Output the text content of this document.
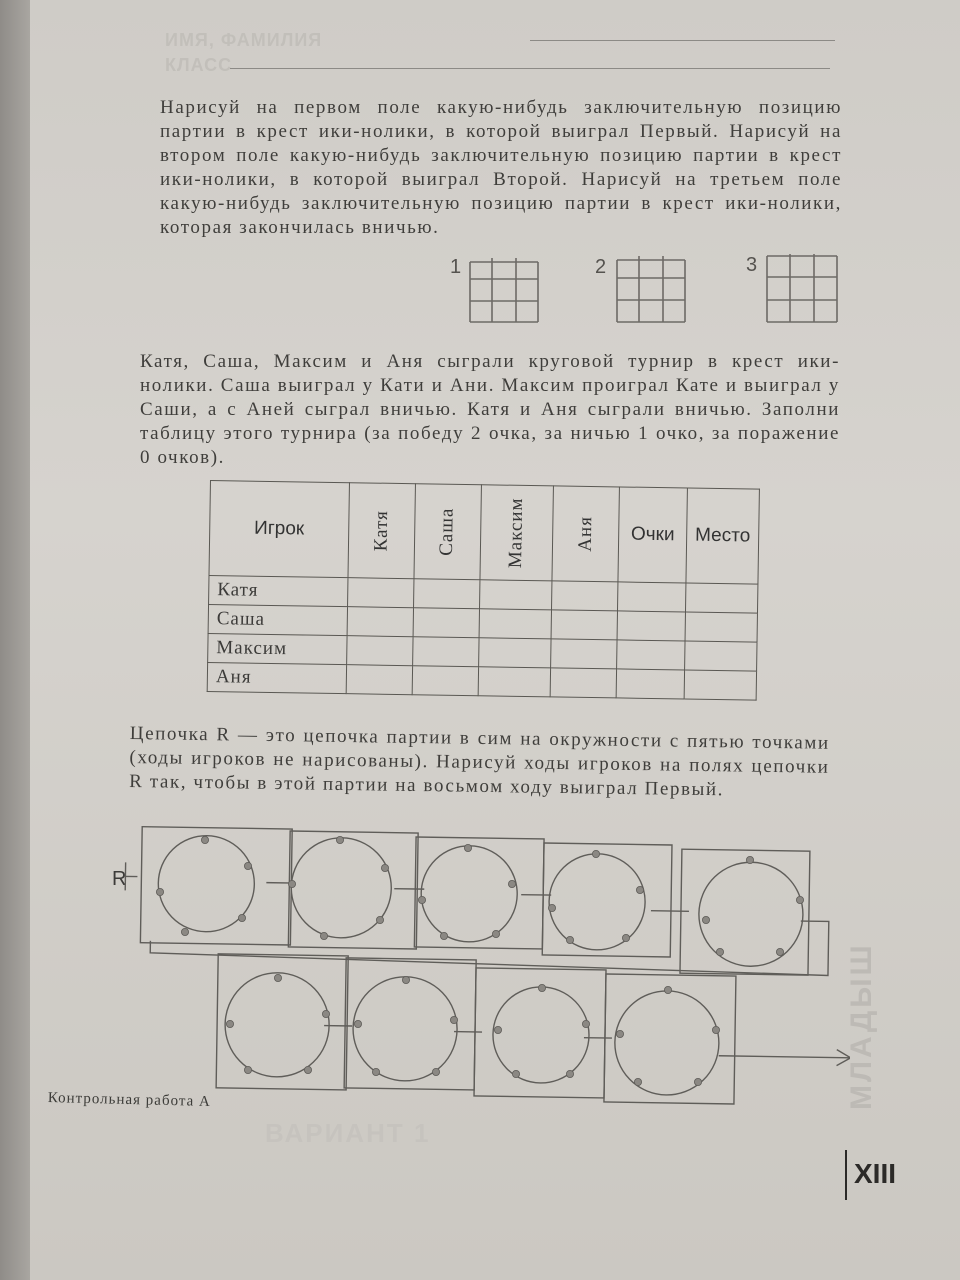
ИМЯ, ФАМИЛИЯ
КЛАСС

Нарисуй на первом поле какую-нибудь заключительную позицию партии в крест ики-нолики, в которой выиграл Первый. Нарисуй на втором поле какую-нибудь заключительную позицию партии в крест ики-нолики, в которой выиграл Второй. Нарисуй на третьем поле какую-нибудь заключительную позицию партии в крест ики-нолики, которая закончилась вничью.

1	2	3

Катя, Саша, Максим и Аня сыграли круговой турнир в крест ики-нолики. Саша выиграл у Кати и Ани. Максим проиграл Кате и выиграл у Саши, а с Аней сыграл вничью. Катя и Аня сыграли вничью. Заполни таблицу этого турнира (за победу 2 очка, за ничью 1 очко, за поражение 0 очков).

Игрок	Катя	Саша	Максим	Аня	Очки	Место
Катя						
Саша						
Максим						
Аня						

Цепочка R — это цепочка партии в сим на окружности с пятью точками (ходы игроков не нарисованы). Нарисуй ходы игроков на полях цепочки R так, чтобы в этой партии на восьмом ходу выиграл Первый.

R
Контрольная работа А
ВАРИАНТ 1
МЛАДЫШ
XIII
